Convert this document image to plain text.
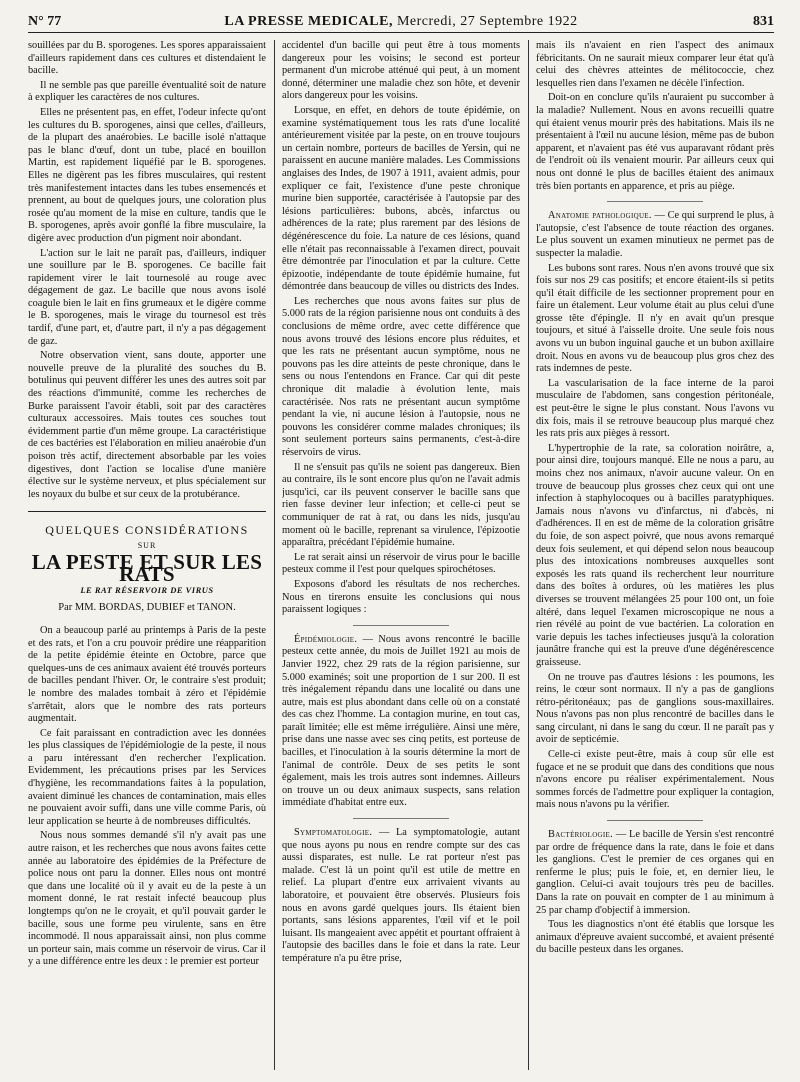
N° 77	LA PRESSE MEDICALE, Mercredi, 27 Septembre 1922	831

souillées par du B. sporogenes. Les spores apparaissaient d'ailleurs rapidement dans ces cultures et distendaient le bacille.

Il ne semble pas que pareille éventualité soit de nature à expliquer les caractères de nos cultures.

Elles ne présentent pas, en effet, l'odeur infecte qu'ont les cultures du B. sporogenes, ainsi que celles, d'ailleurs, de la plupart des anaérobies. Le bacille isolé n'attaque pas le blanc d'œuf, dont un tube, placé en bouillon Martin, est rapidement liquéfié par le B. sporogenes. Elles ne digèrent pas les fibres musculaires, qui restent très manifestement intactes dans les tubes ensemencés et prennent, au bout de quelques jours, une coloration plus rosée qu'au moment de la mise en culture, tandis que le B. sporogenes, après avoir gonflé la fibre musculaire, la digère avec production d'un pigment noir abondant.

L'action sur le lait ne paraît pas, d'ailleurs, indiquer une souillure par le B. sporogenes. Ce bacille fait rapidement virer le lait tournesolé au rouge avec dégagement de gaz. Le bacille que nous avons isolé coagule bien le lait en fins grumeaux et le digère comme le B. sporogenes, mais le virage du tournesol est très tardif, d'une part, et, d'autre part, il n'y a pas dégagement de gaz.

Notre observation vient, sans doute, apporter une nouvelle preuve de la pluralité des souches du B. botulinus qui peuvent différer les unes des autres soit par des réactions d'immunité, comme les recherches de Burke paraissent l'avoir établi, soit par des caractères culturaux accessoires. Mais toutes ces souches tout évidemment partie d'un même groupe. La caractéristique de ces bactéries est l'élaboration en milieu anaérobie d'un poison très actif, directement absorbable par les voies digestives, dont l'action se localise d'une manière élective sur le système nerveux, et plus spécialement sur les noyaux du bulbe et sur ceux de la protubérance.

QUELQUES CONSIDÉRATIONS
SUR
LA PESTE ET SUR LES RATS
LE RAT RÉSERVOIR DE VIRUS
Par MM. BORDAS, DUBIEF et TANON.

On a beaucoup parlé au printemps à Paris de la peste et des rats, et l'on a cru pouvoir prédire une réapparition de la petite épidémie éteinte en Octobre, parce que quelques-uns de ces animaux avaient été trouvés porteurs de bacilles pendant l'hiver. Or, le contraire s'est produit; le nombre des malades tombait à zéro et l'épidémie s'arrêtait, alors que le nombre des rats porteurs augmentait.

Ce fait paraissant en contradiction avec les données les plus classiques de l'épidémiologie de la peste, il nous a paru intéressant d'en rechercher l'explication. Evidemment, les précautions prises par les Services d'hygiène, les recommandations faites à la population, avaient diminué les chances de contamination, mais elles ne pouvaient avoir suffi, dans une ville comme Paris, où leur application se heurte à de nombreuses difficultés.

Nous nous sommes demandé s'il n'y avait pas une autre raison, et les recherches que nous avons faites cette année au laboratoire des épidémies de la Préfecture de police nous ont paru la donner. Elles nous ont montré que dans une localité où il y avait eu de la peste à un moment donné, le rat restait infecté beaucoup plus longtemps qu'on ne le croyait, et qu'il pouvait garder le bacille, sous une forme peu virulente, sans en être incommodé. Il nous apparaissait ainsi, non plus comme un porteur sain, mais comme un réservoir de virus. Car il y a une différence entre les deux : le premier est porteur

accidentel d'un bacille qui peut être à tous moments dangereux pour les voisins; le second est porteur permanent d'un microbe atténué qui peut, à un moment donné, déterminer une maladie chez son hôte, et devenir alors dangereux pour les voisins.

Lorsque, en effet, en dehors de toute épidémie, on examine systématiquement tous les rats d'une localité antérieurement visitée par la peste, on en trouve toujours un certain nombre, porteurs de bacilles de Yersin, qui ne paraissent en aucune manière malades. Les Commissions anglaises des Indes, de 1907 à 1911, avaient admis, pour expliquer ce fait, l'existence d'une peste chronique murine bien supportée, caractérisée à l'autopsie par des lésions particulières: bubons, abcès, infarctus ou adhérences de la rate; plus rarement par des lésions de dégénérescence du foie. La nature de ces lésions, quand elle n'était pas reconnaissable à l'examen direct, pouvait être démontrée par l'inoculation et par la culture. Cette épizootie, indépendante de toute épidémie humaine, fut démontrée dans beaucoup de villes ou districts des Indes.

Les recherches que nous avons faites sur plus de 5.000 rats de la région parisienne nous ont conduits à des conclusions de même ordre, avec cette différence que nous avons trouvé des lésions encore plus réduites, et que les rats ne présentant aucun symptôme, nous ne pouvons pas les dire atteints de peste chronique, dans le sens ou nous l'entendons en France. Car qui dit peste chronique dit maladie à évolution lente, mais caractérisée. Nos rats ne présentant aucun symptôme pendant la vie, ni aucune lésion à l'autopsie, nous ne pouvons les considérer comme malades chroniques; ils sont seulement porteurs sains permanents, c'est-à-dire réservoirs de virus.

Il ne s'ensuit pas qu'ils ne soient pas dangereux. Bien au contraire, ils le sont encore plus qu'on ne l'avait admis jusqu'ici, car ils peuvent conserver le bacille sans que rien fasse deviner leur infection; et celle-ci peut se communiquer de rat à rat, ou dans les nids, jusqu'au moment où le bacille, reprenant sa virulence, l'épizootie apparaîtra, précédant l'épidémie humaine.

Le rat serait ainsi un réservoir de virus pour le bacille pesteux comme il l'est pour quelques spirochétoses.

Exposons d'abord les résultats de nos recherches. Nous en tirerons ensuite les conclusions qui nous paraissent logiques :

Épidémiologie. — Nous avons rencontré le bacille pesteux cette année, du mois de Juillet 1921 au mois de Janvier 1922, chez 29 rats de la région parisienne, sur 5.000 examinés; soit une proportion de 1 sur 200. Il est très inégalement répandu dans une localité ou dans une autre, mais est plus abondant dans celle où on a constaté des cas chez l'homme. La contagion murine, en tout cas, paraît limitée; elle est même irrégulière. Ainsi une mère, prise dans une nasse avec ses cinq petits, est porteuse de bacilles, et l'inoculation à la souris détermine la mort de l'animal de contrôle. Deux de ses petits le sont également, mais les trois autres sont indemnes. Ailleurs on trouve un ou deux animaux suspects, sans relation immédiate d'habitat entre eux.

Symptomatologie. — La symptomatologie, autant que nous ayons pu nous en rendre compte sur des cas aussi disparates, est nulle. Le rat porteur n'est pas malade. C'est là un point qu'il est utile de mettre en relief. La plupart d'entre eux arrivaient vivants au laboratoire, et pouvaient être observés. Plusieurs fois nous en avons gardé quelques jours. Ils étaient bien portants, sans lésions apparentes, l'œil vif et le poil luisant. Ils mangeaient avec appétit et pourtant offraient à l'autopsie des bacilles dans le foie et dans la rate. Leur température n'a pu être prise,

mais ils n'avaient en rien l'aspect des animaux fébricitants. On ne saurait mieux comparer leur état qu'à celui des chèvres atteintes de mélitococcie, chez lesquelles rien dans l'examen ne décèle l'infection.

Doit-on en conclure qu'ils n'auraient pu succomber à la maladie? Nullement. Nous en avons recueilli quatre qui étaient venus mourir près des habitations. Mais ils ne présentaient à l'œil nu aucune lésion, même pas de bubon apparent, et n'avaient pas été vus auparavant rôdant près de l'endroit où ils venaient mourir. Par ailleurs ceux qui nous ont donné le plus de bacilles étaient des animaux très bien portants en apparence, et pris au piège.

Anatomie pathologique. — Ce qui surprend le plus, à l'autopsie, c'est l'absence de toute réaction des organes. Le plus souvent un examen minutieux ne permet pas de suspecter la maladie.

Les bubons sont rares. Nous n'en avons trouvé que six fois sur nos 29 cas positifs; et encore étaient-ils si petits qu'il était difficile de les sectionner proprement pour en faire un étalement. Leur volume était au plus celui d'une grosse tête d'épingle. Il n'y en avait qu'un presque toujours, et situé à l'aisselle droite. Une seule fois nous avons vu un bubon inguinal gauche et un bubon axillaire droit. Nous en avons vu de beaucoup plus gros chez des rats indemnes de peste.

La vascularisation de la face interne de la paroi musculaire de l'abdomen, sans congestion péritonéale, est peut-être le signe le plus constant. Nous l'avons vu dix fois, mais il se retrouve beaucoup plus marqué chez les rats pris aux pièges à ressort.

L'hypertrophie de la rate, sa coloration noirâtre, a, pour ainsi dire, toujours manqué. Elle ne nous a paru, au moins chez nos animaux, n'avoir aucune valeur. On en trouve de beaucoup plus grosses chez ceux qui ont une infection à staphylocoques ou à bacilles paratyphiques. Jamais nous n'avons vu d'infarctus, ni d'abcès, ni d'adhérences. Il en est de même de la coloration grisâtre du foie, de son aspect poivré, que nous avons remarqué deux fois seulement, et qui dépend selon nous beaucoup plus des intoxications nombreuses auxquelles sont exposés les rats quand ils recherchent leur nourriture dans des boîtes à ordures, où les matières les plus diverses se trouvent mélangées 25 pour 100 ont, un foie altéré, dans lequel l'examen microscopique ne nous a rien révélé au point de vue bactérien. La coloration en varie depuis les taches infectieuses jusqu'à la coloration jaunâtre franche qui est la preuve d'une dégénérescence graisseuse.

On ne trouve pas d'autres lésions : les poumons, les reins, le cœur sont normaux. Il n'y a pas de ganglions rétro-péritonéaux; pas de ganglions sous-maxillaires. Nous n'avons pas non plus rencontré de bacilles dans le sang circulant, ni dans le sang du cœur. Il ne paraît pas y avoir de septicémie.

Celle-ci existe peut-être, mais à coup sûr elle est fugace et ne se produit que dans des conditions que nous n'avons encore pu réaliser expérimentalement. Nous sommes forcés de l'admettre pour expliquer la contagion, mais nous n'avons pu la vérifier.

Bactériologie. — Le bacille de Yersin s'est rencontré par ordre de fréquence dans la rate, dans le foie et dans les ganglions. C'est le premier de ces organes qui en renferme le plus; puis le foie, et, en dernier lieu, le ganglion. Celui-ci avait toujours très peu de bacilles. Dans la rate on pouvait en compter de 1 au minimum à 25 par champ d'objectif à immersion.

Tous les diagnostics n'ont été établis que lorsque les animaux d'épreuve avaient succombé, et avaient présenté du bacille pesteux dans les organes.
